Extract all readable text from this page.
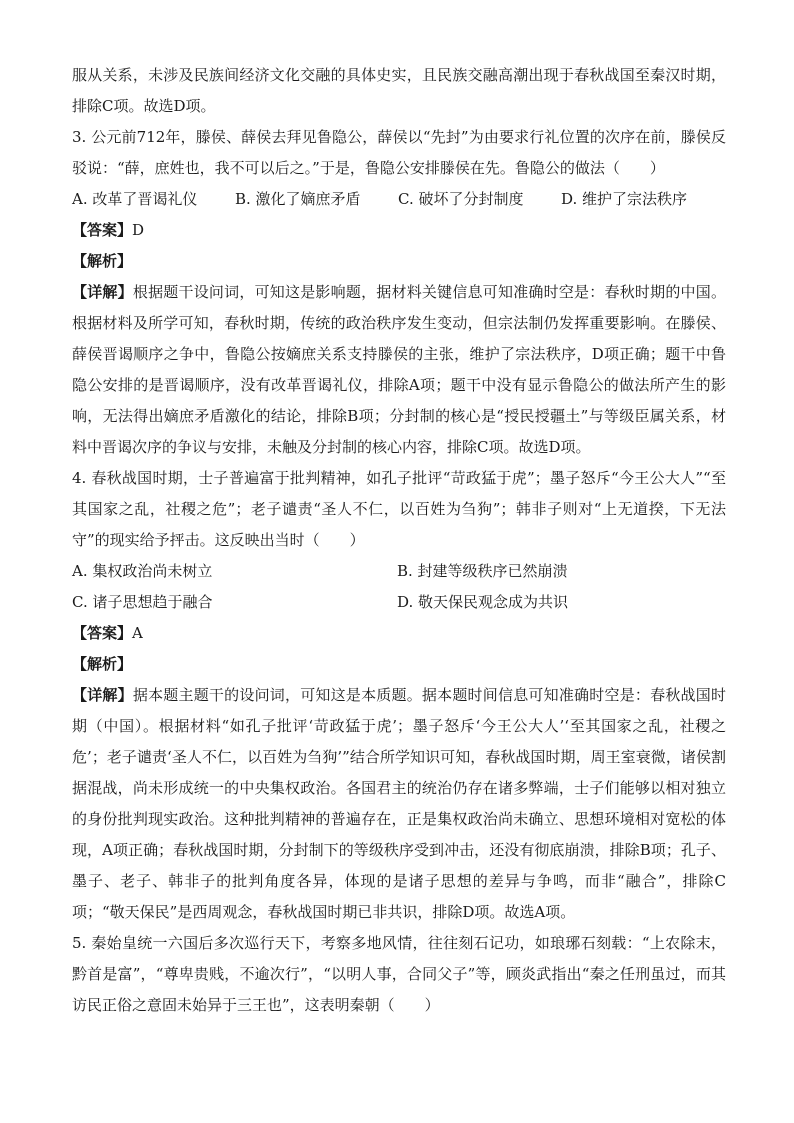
服从关系，未涉及民族间经济文化交融的具体史实，且民族交融高潮出现于春秋战国至秦汉时期，排除C项。故选D项。

3. 公元前712年，滕侯、薛侯去拜见鲁隐公，薛侯以“先封”为由要求行礼位置的次序在前，滕侯反驳说：“薛，庶姓也，我不可以后之。”于是，鲁隐公安排滕侯在先。鲁隐公的做法（　　）

A. 改革了晋谒礼仪	B. 激化了嫡庶矛盾	C. 破坏了分封制度	D. 维护了宗法秩序

【答案】D

【解析】

【详解】根据题干设问词，可知这是影响题，据材料关键信息可知准确时空是：春秋时期的中国。根据材料及所学可知，春秋时期，传统的政治秩序发生变动，但宗法制仍发挥重要影响。在滕侯、薛侯晋谒顺序之争中，鲁隐公按嫡庶关系支持滕侯的主张，维护了宗法秩序，D项正确；题干中鲁隐公安排的是晋谒顺序，没有改革晋谒礼仪，排除A项；题干中没有显示鲁隐公的做法所产生的影响，无法得出嫡庶矛盾激化的结论，排除B项；分封制的核心是“授民授疆土”与等级臣属关系，材料中晋谒次序的争议与安排，未触及分封制的核心内容，排除C项。故选D项。

4. 春秋战国时期，士子普遍富于批判精神，如孔子批评“苛政猛于虎”；墨子怒斥“今王公大人”“至其国家之乱，社稷之危”；老子谴责“圣人不仁，以百姓为刍狗”；韩非子则对“上无道揆，下无法守”的现实给予抨击。这反映出当时（　　）

A. 集权政治尚未树立	B. 封建等级秩序已然崩溃
C. 诸子思想趋于融合	D. 敬天保民观念成为共识

【答案】A

【解析】

【详解】据本题主题干的设问词，可知这是本质题。据本题时间信息可知准确时空是：春秋战国时期（中国）。根据材料“如孔子批评‘苛政猛于虎’；墨子怒斥‘今王公大人’‘至其国家之乱，社稷之危’；老子谴责‘圣人不仁，以百姓为刍狗’”结合所学知识可知，春秋战国时期，周王室衰微，诸侯割据混战，尚未形成统一的中央集权政治。各国君主的统治仍存在诸多弊端，士子们能够以相对独立的身份批判现实政治。这种批判精神的普遍存在，正是集权政治尚未确立、思想环境相对宽松的体现，A项正确；春秋战国时期，分封制下的等级秩序受到冲击，还没有彻底崩溃，排除B项；孔子、墨子、老子、韩非子的批判角度各异，体现的是诸子思想的差异与争鸣，而非“融合”，排除C项；“敬天保民”是西周观念，春秋战国时期已非共识，排除D项。故选A项。

5. 秦始皇统一六国后多次巡行天下，考察多地风情，往往刻石记功，如琅琊石刻载：“上农除末，黔首是富”，“尊卑贵贱，不逾次行”，“以明人事，合同父子”等，顾炎武指出“秦之任刑虽过，而其访民正俗之意固未始异于三王也”，这表明秦朝（　　）
